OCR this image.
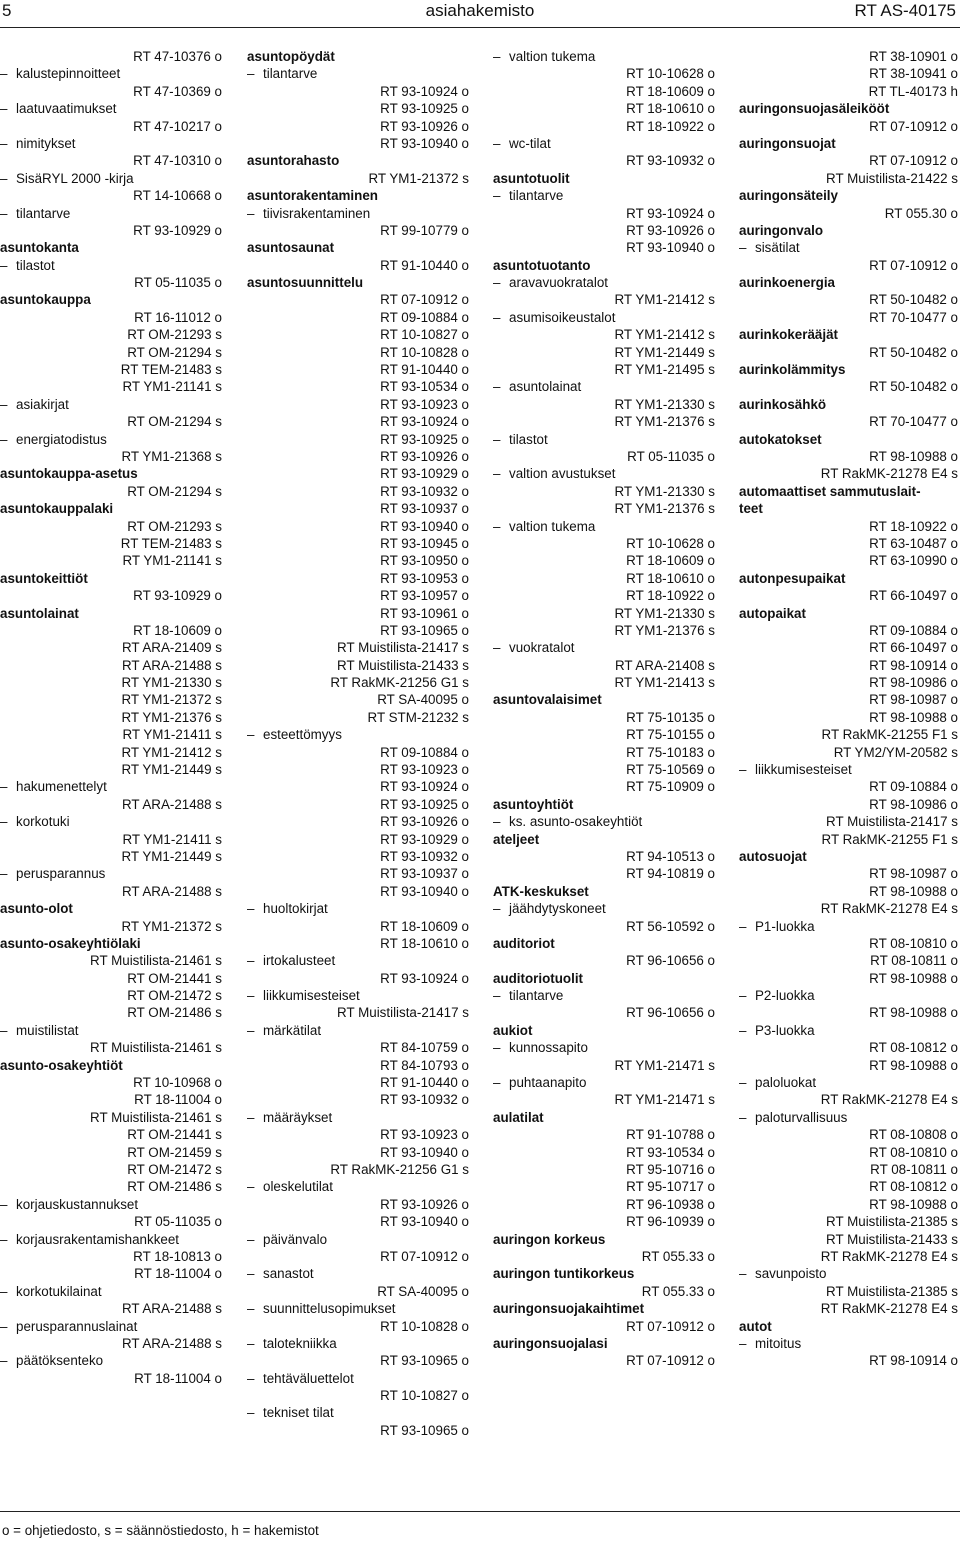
5	asiahakemisto	RT AS-40175
RT 47-10376 o
– kalustepinnoitteet
RT 47-10369 o
– laatuvaatimukset
RT 47-10217 o
– nimitykset
RT 47-10310 o
– SisäRYL 2000 -kirja
RT 14-10668 o
– tilantarve
RT 93-10929 o
asuntokanta
– tilastot
RT 05-11035 o
asuntokauppa
RT 16-11012 o
RT OM-21293 s
RT OM-21294 s
RT TEM-21483 s
RT YM1-21141 s
– asiakirjat
RT OM-21294 s
– energiatodistus
RT YM1-21368 s
asuntokauppa-asetus
RT OM-21294 s
asuntokauppalaki
RT OM-21293 s
RT TEM-21483 s
RT YM1-21141 s
asuntokeittiöt
RT 93-10929 o
asuntolainat
RT 18-10609 o
RT ARA-21409 s
RT ARA-21488 s
RT YM1-21330 s
RT YM1-21372 s
RT YM1-21376 s
RT YM1-21411 s
RT YM1-21412 s
RT YM1-21449 s
– hakumenettelyt
RT ARA-21488 s
– korkotuki
RT YM1-21411 s
RT YM1-21449 s
– perusparannus
RT ARA-21488 s
asunto-olot
RT YM1-21372 s
asunto-osakeyhtiölaki
RT Muistilista-21461 s
RT OM-21441 s
RT OM-21472 s
RT OM-21486 s
– muistilistat
RT Muistilista-21461 s
asunto-osakeyhtiöt
RT 10-10968 o
RT 18-11004 o
RT Muistilista-21461 s
RT OM-21441 s
RT OM-21459 s
RT OM-21472 s
RT OM-21486 s
– korjauskustannukset
RT 05-11035 o
– korjausrakentamishankkeet
RT 18-10813 o
RT 18-11004 o
– korkotukilainat
RT ARA-21488 s
– perusparannuslainat
RT ARA-21488 s
– päätöksenteko
RT 18-11004 o
asuntopöydät
– tilantarve
RT 93-10924 o
RT 93-10925 o
RT 93-10926 o
RT 93-10940 o
asuntorahasto
RT YM1-21372 s
asuntorakentaminen
– tiivisrakentaminen
RT 99-10779 o
asuntosaunat
RT 91-10440 o
asuntosuunnittelu
RT 07-10912 o
RT 09-10884 o
RT 10-10827 o
RT 10-10828 o
RT 91-10440 o
RT 93-10534 o
RT 93-10923 o
RT 93-10924 o
RT 93-10925 o
RT 93-10926 o
RT 93-10929 o
RT 93-10932 o
RT 93-10937 o
RT 93-10940 o
RT 93-10945 o
RT 93-10950 o
RT 93-10953 o
RT 93-10957 o
RT 93-10961 o
RT 93-10965 o
RT Muistilista-21417 s
RT Muistilista-21433 s
RT RakMK-21256 G1 s
RT SA-40095 o
RT STM-21232 s
– esteettömyys
RT 09-10884 o
RT 93-10923 o
RT 93-10924 o
RT 93-10925 o
RT 93-10926 o
RT 93-10929 o
RT 93-10932 o
RT 93-10937 o
RT 93-10940 o
– huoltokirjat
RT 18-10609 o
RT 18-10610 o
– irtokalusteet
RT 93-10924 o
– liikkumisesteiset
RT Muistilista-21417 s
– märkätilat
RT 84-10759 o
RT 84-10793 o
RT 91-10440 o
RT 93-10932 o
– määräykset
RT 93-10923 o
RT 93-10940 o
RT RakMK-21256 G1 s
– oleskelutilat
RT 93-10926 o
RT 93-10940 o
– päivänvalo
RT 07-10912 o
– sanastot
RT SA-40095 o
– suunnittelusopimukset
RT 10-10828 o
– talotekniikka
RT 93-10965 o
– tehtäväluettelot
RT 10-10827 o
– tekniset tilat
RT 93-10965 o
– valtion tukema
RT 10-10628 o
RT 18-10609 o
RT 18-10610 o
RT 18-10922 o
– wc-tilat
RT 93-10932 o
asuntotuolit
– tilantarve
RT 93-10924 o
RT 93-10926 o
RT 93-10940 o
asuntotuotanto
– aravavuokratalot
RT YM1-21412 s
– asumisoikeustalot
RT YM1-21412 s
RT YM1-21449 s
RT YM1-21495 s
– asuntolainat
RT YM1-21330 s
RT YM1-21376 s
– tilastot
RT 05-11035 o
– valtion avustukset
RT YM1-21330 s
RT YM1-21376 s
– valtion tukema
RT 10-10628 o
RT 18-10609 o
RT 18-10610 o
RT 18-10922 o
RT YM1-21330 s
RT YM1-21376 s
– vuokratalot
RT ARA-21408 s
RT YM1-21413 s
asuntovalaisimet
RT 75-10135 o
RT 75-10155 o
RT 75-10183 o
RT 75-10569 o
RT 75-10909 o
asuntoyhtiöt
– ks. asunto-osakeyhtiöt
ateljeet
RT 94-10513 o
RT 94-10819 o
ATK-keskukset
– jäähdytyskoneet
RT 56-10592 o
auditoriot
RT 96-10656 o
auditoriotuolit
– tilantarve
RT 96-10656 o
aukiot
– kunnossapito
RT YM1-21471 s
– puhtaanapito
RT YM1-21471 s
aulatilat
RT 91-10788 o
RT 93-10534 o
RT 95-10716 o
RT 95-10717 o
RT 96-10938 o
RT 96-10939 o
auringon korkeus
RT 055.33 o
auringon tuntikorkeus
RT 055.33 o
auringonsuojakaihtimet
RT 07-10912 o
auringonsuojalasi
RT 07-10912 o
RT 38-10901 o
RT 38-10941 o
RT TL-40173 h
auringonsuojasäleikööt
RT 07-10912 o
auringonsuojat
RT 07-10912 o
RT Muistilista-21422 s
auringonsäteily
RT 055.30 o
auringonvalo
– sisätilat
RT 07-10912 o
aurinkoenergia
RT 50-10482 o
RT 70-10477 o
aurinkokerääjät
RT 50-10482 o
aurinkolämmitys
RT 50-10482 o
aurinkosähkö
RT 70-10477 o
autokatokset
RT 98-10988 o
RT RakMK-21278 E4 s
automaattiset sammutuslait-
teet
RT 18-10922 o
RT 63-10487 o
RT 63-10990 o
autonpesupaikat
RT 66-10497 o
autopaikat
RT 09-10884 o
RT 66-10497 o
RT 98-10914 o
RT 98-10986 o
RT 98-10987 o
RT 98-10988 o
RT RakMK-21255 F1 s
RT YM2/YM-20582 s
– liikkumisesteiset
RT 09-10884 o
RT 98-10986 o
RT Muistilista-21417 s
RT RakMK-21255 F1 s
autosuojat
RT 98-10987 o
RT 98-10988 o
RT RakMK-21278 E4 s
– P1-luokka
RT 08-10810 o
RT 08-10811 o
RT 98-10988 o
– P2-luokka
RT 98-10988 o
– P3-luokka
RT 08-10812 o
RT 98-10988 o
– paloluokat
RT RakMK-21278 E4 s
– paloturvallisuus
RT 08-10808 o
RT 08-10810 o
RT 08-10811 o
RT 08-10812 o
RT 98-10988 o
RT Muistilista-21385 s
RT Muistilista-21433 s
RT RakMK-21278 E4 s
– savunpoisto
RT Muistilista-21385 s
RT RakMK-21278 E4 s
autot
– mitoitus
RT 98-10914 o
o = ohjetiedosto, s = säännöstiedosto, h = hakemistot
